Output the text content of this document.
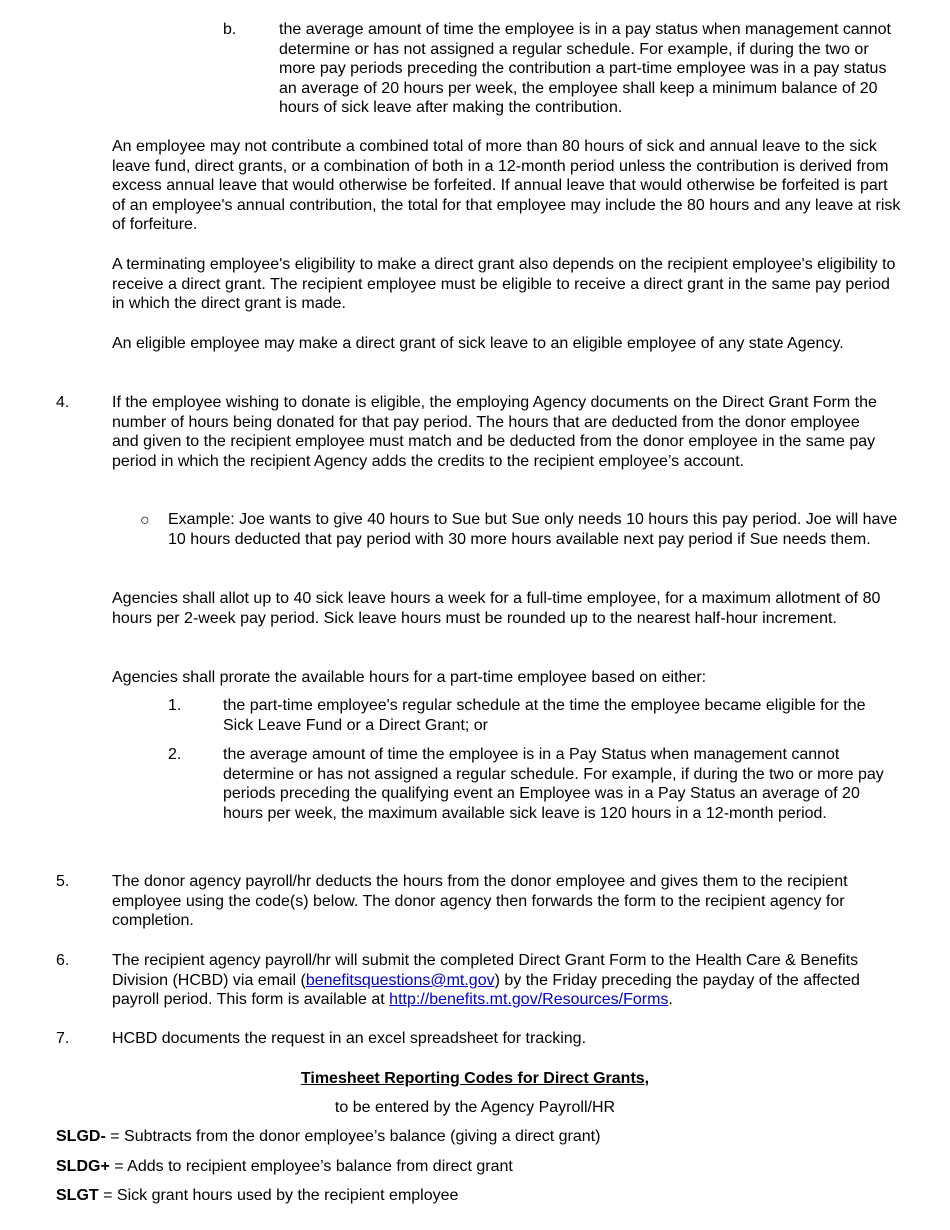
b.	the average amount of time the employee is in a pay status when management cannot determine or has not assigned a regular schedule. For example, if during the two or more pay periods preceding the contribution a part-time employee was in a pay status an average of 20 hours per week, the employee shall keep a minimum balance of 20 hours of sick leave after making the contribution.
An employee may not contribute a combined total of more than 80 hours of sick and annual leave to the sick leave fund, direct grants, or a combination of both in a 12-month period unless the contribution is derived from excess annual leave that would otherwise be forfeited. If annual leave that would otherwise be forfeited is part of an employee's annual contribution, the total for that employee may include the 80 hours and any leave at risk of forfeiture.
A terminating employee's eligibility to make a direct grant also depends on the recipient employee's eligibility to receive a direct grant. The recipient employee must be eligible to receive a direct grant in the same pay period in which the direct grant is made.
An eligible employee may make a direct grant of sick leave to an eligible employee of any state Agency.
4.	If the employee wishing to donate is eligible, the employing Agency documents on the Direct Grant Form the number of hours being donated for that pay period. The hours that are deducted from the donor employee and given to the recipient employee must match and be deducted from the donor employee in the same pay period in which the recipient Agency adds the credits to the recipient employee’s account.
○ Example: Joe wants to give 40 hours to Sue but Sue only needs 10 hours this pay period. Joe will have 10 hours deducted that pay period with 30 more hours available next pay period if Sue needs them.
Agencies shall allot up to 40 sick leave hours a week for a full-time employee, for a maximum allotment of 80 hours per 2-week pay period. Sick leave hours must be rounded up to the nearest half-hour increment.
Agencies shall prorate the available hours for a part-time employee based on either:
1.	the part-time employee's regular schedule at the time the employee became eligible for the Sick Leave Fund or a Direct Grant; or
2.	the average amount of time the employee is in a Pay Status when management cannot determine or has not assigned a regular schedule. For example, if during the two or more pay periods preceding the qualifying event an Employee was in a Pay Status an average of 20 hours per week, the maximum available sick leave is 120 hours in a 12-month period.
5.	The donor agency payroll/hr deducts the hours from the donor employee and gives them to the recipient employee using the code(s) below. The donor agency then forwards the form to the recipient agency for completion.
6.	The recipient agency payroll/hr will submit the completed Direct Grant Form to the Health Care & Benefits Division (HCBD) via email (benefitsquestions@mt.gov) by the Friday preceding the payday of the affected payroll period. This form is available at http://benefits.mt.gov/Resources/Forms.
7.	HCBD documents the request in an excel spreadsheet for tracking.
Timesheet Reporting Codes for Direct Grants,
to be entered by the Agency Payroll/HR
SLGD- = Subtracts from the donor employee’s balance (giving a direct grant)
SLDG+ = Adds to recipient employee’s balance from direct grant
SLGT = Sick grant hours used by the recipient employee
